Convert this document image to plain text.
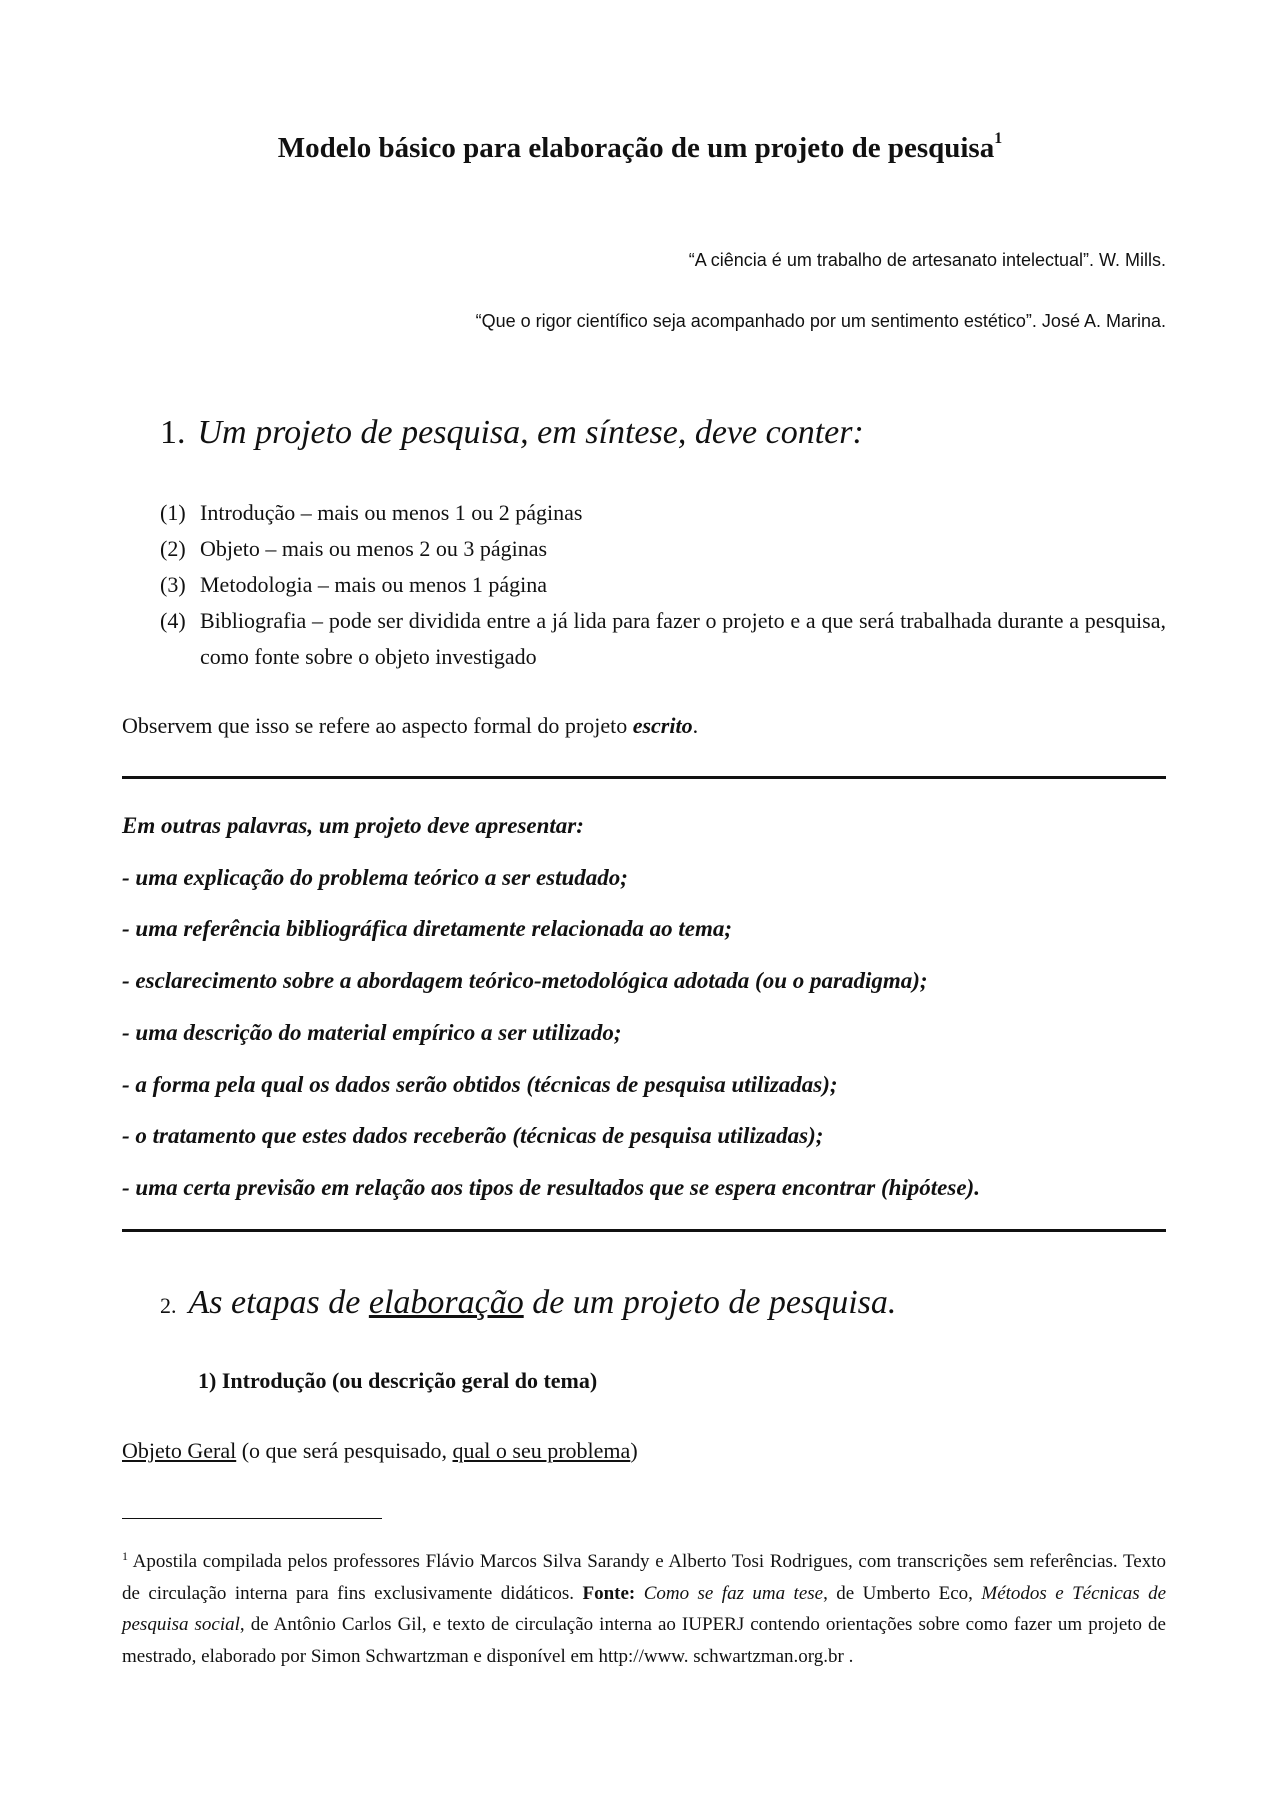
Modelo básico para elaboração de um projeto de pesquisa$^1$
“A ciência é um trabalho de artesanato intelectual”. W. Mills.
“Que o rigor científico seja acompanhado por um sentimento estético”. José A. Marina.
1. Um projeto de pesquisa, em síntese, deve conter:
(1) Introdução – mais ou menos 1 ou 2 páginas
(2) Objeto – mais ou menos 2 ou 3 páginas
(3) Metodologia – mais ou menos 1 página
(4) Bibliografia – pode ser dividida entre a já lida para fazer o projeto e a que será trabalhada durante a pesquisa, como fonte sobre o objeto investigado
Observem que isso se refere ao aspecto formal do projeto escrito.
Em outras palavras, um projeto deve apresentar:
- uma explicação do problema teórico a ser estudado;
- uma referência bibliográfica diretamente relacionada ao tema;
- esclarecimento sobre a abordagem teórico-metodológica adotada (ou o paradigma);
- uma descrição do material empírico a ser utilizado;
- a forma pela qual os dados serão obtidos (técnicas de pesquisa utilizadas);
- o tratamento que estes dados receberão (técnicas de pesquisa utilizadas);
- uma certa previsão em relação aos tipos de resultados que se espera encontrar (hipótese).
2. As etapas de elaboração de um projeto de pesquisa.
1) Introdução (ou descrição geral do tema)
Objeto Geral (o que será pesquisado, qual o seu problema)
$^1$ Apostila compilada pelos professores Flávio Marcos Silva Sarandy e Alberto Tosi Rodrigues, com transcrições sem referências. Texto de circulação interna para fins exclusivamente didáticos. Fonte: Como se faz uma tese, de Umberto Eco, Métodos e Técnicas de pesquisa social, de Antônio Carlos Gil, e texto de circulação interna ao IUPERJ contendo orientações sobre como fazer um projeto de mestrado, elaborado por Simon Schwartzman e disponível em http://www. schwartzman.org.br .
